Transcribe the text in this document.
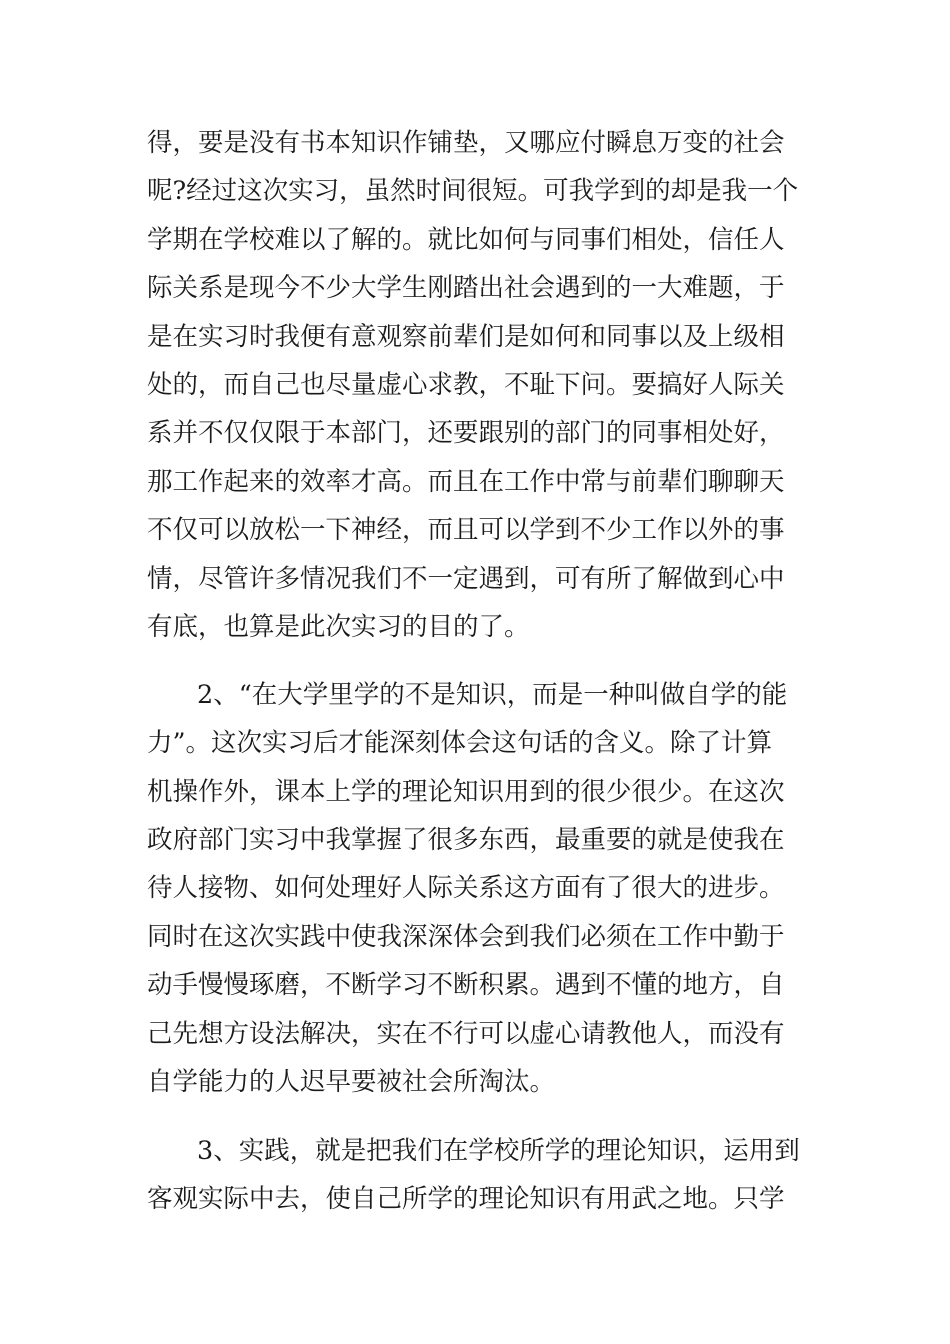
得，要是没有书本知识作铺垫，又哪应付瞬息万变的社会
呢?经过这次实习，虽然时间很短。可我学到的却是我一个
学期在学校难以了解的。就比如何与同事们相处，信任人
际关系是现今不少大学生刚踏出社会遇到的一大难题，于
是在实习时我便有意观察前辈们是如何和同事以及上级相
处的，而自己也尽量虚心求教，不耻下问。要搞好人际关
系并不仅仅限于本部门，还要跟别的部门的同事相处好，
那工作起来的效率才高。而且在工作中常与前辈们聊聊天
不仅可以放松一下神经，而且可以学到不少工作以外的事
情，尽管许多情况我们不一定遇到，可有所了解做到心中
有底，也算是此次实习的目的了。
2、“在大学里学的不是知识，而是一种叫做自学的能
力”。这次实习后才能深刻体会这句话的含义。除了计算
机操作外，课本上学的理论知识用到的很少很少。在这次
政府部门实习中我掌握了很多东西，最重要的就是使我在
待人接物、如何处理好人际关系这方面有了很大的进步。
同时在这次实践中使我深深体会到我们必须在工作中勤于
动手慢慢琢磨，不断学习不断积累。遇到不懂的地方，自
己先想方设法解决，实在不行可以虚心请教他人，而没有
自学能力的人迟早要被社会所淘汰。
3、实践，就是把我们在学校所学的理论知识，运用到
客观实际中去，使自己所学的理论知识有用武之地。只学
